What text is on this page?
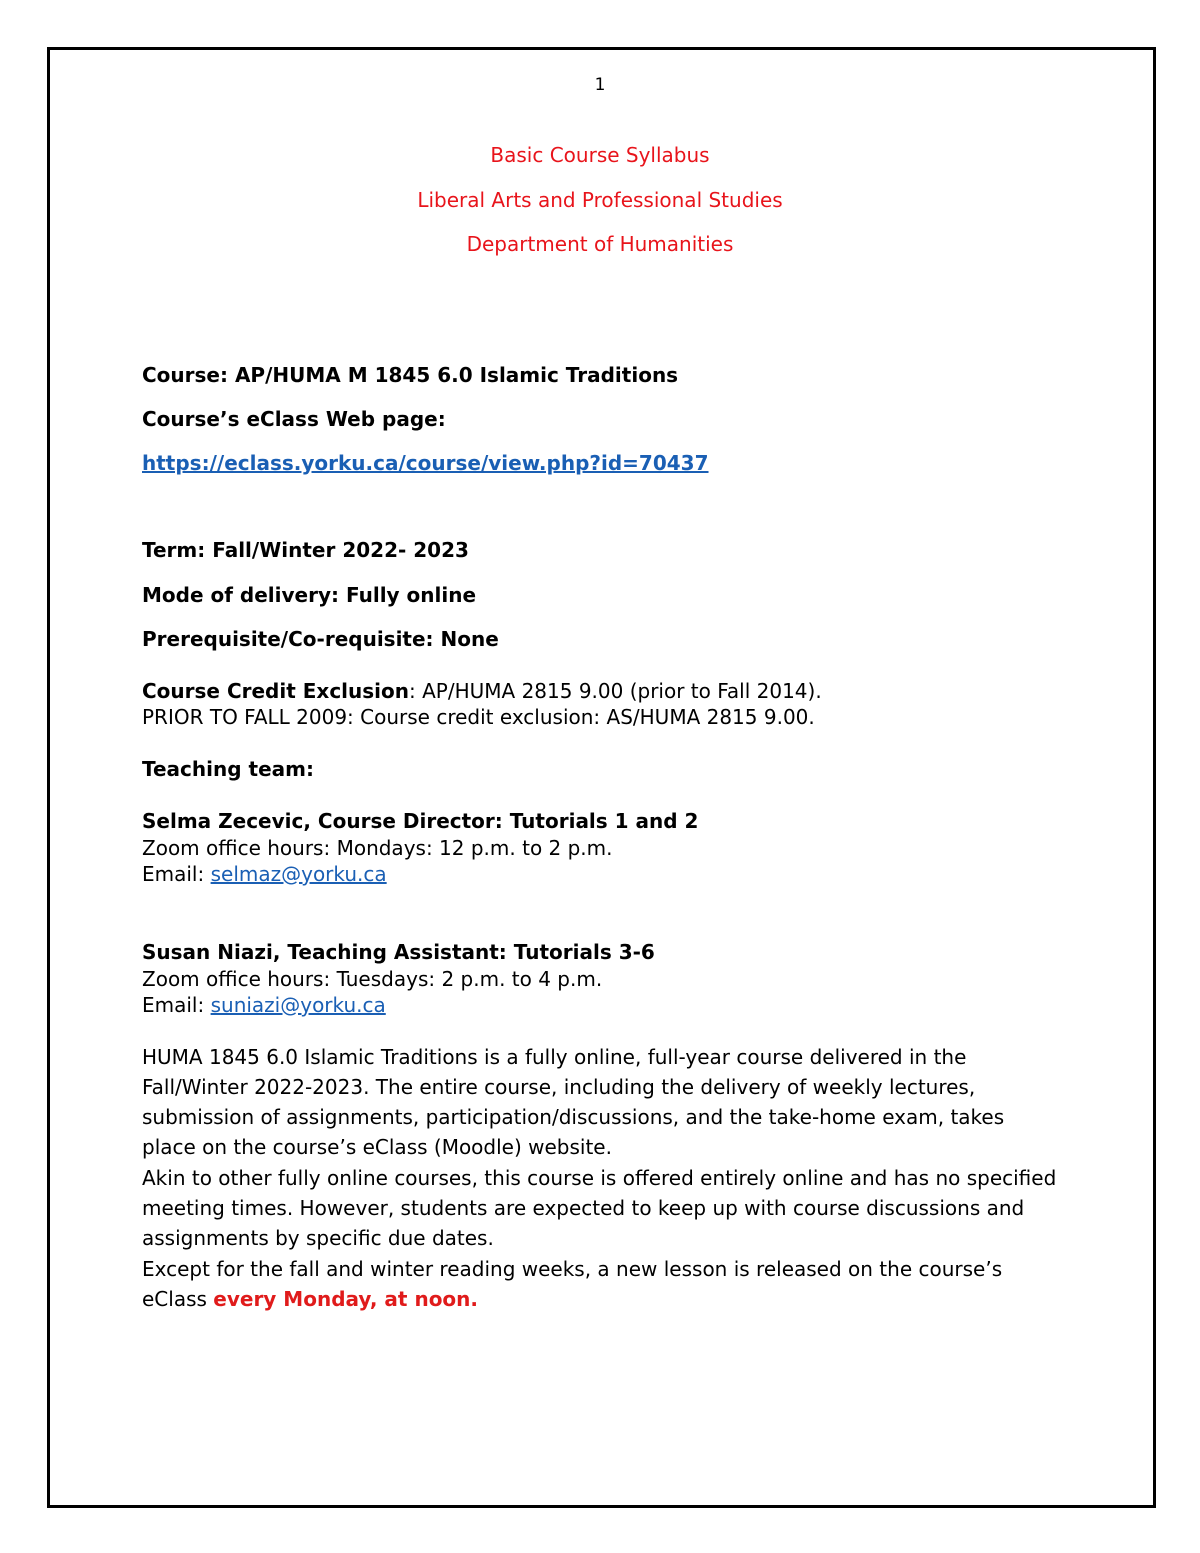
1
Basic Course Syllabus
Liberal Arts and Professional Studies
Department of Humanities
Course: AP/HUMA M 1845 6.0 Islamic Traditions
Course’s eClass Web page:
https://eclass.yorku.ca/course/view.php?id=70437
Term: Fall/Winter 2022- 2023
Mode of delivery: Fully online
Prerequisite/Co-requisite: None
Course Credit Exclusion: AP/HUMA 2815 9.00 (prior to Fall 2014).
PRIOR TO FALL 2009: Course credit exclusion: AS/HUMA 2815 9.00.
Teaching team:
Selma Zecevic, Course Director: Tutorials 1 and 2
Zoom office hours: Mondays: 12 p.m. to 2 p.m.
Email: selmaz@yorku.ca
Susan Niazi, Teaching Assistant: Tutorials 3-6
Zoom office hours: Tuesdays: 2 p.m. to 4 p.m.
Email: suniazi@yorku.ca
HUMA 1845 6.0 Islamic Traditions is a fully online, full-year course delivered in the Fall/Winter 2022-2023. The entire course, including the delivery of weekly lectures, submission of assignments, participation/discussions, and the take-home exam, takes place on the course’s eClass (Moodle) website.
Akin to other fully online courses, this course is offered entirely online and has no specified meeting times. However, students are expected to keep up with course discussions and assignments by specific due dates.
Except for the fall and winter reading weeks, a new lesson is released on the course’s eClass every Monday, at noon.
